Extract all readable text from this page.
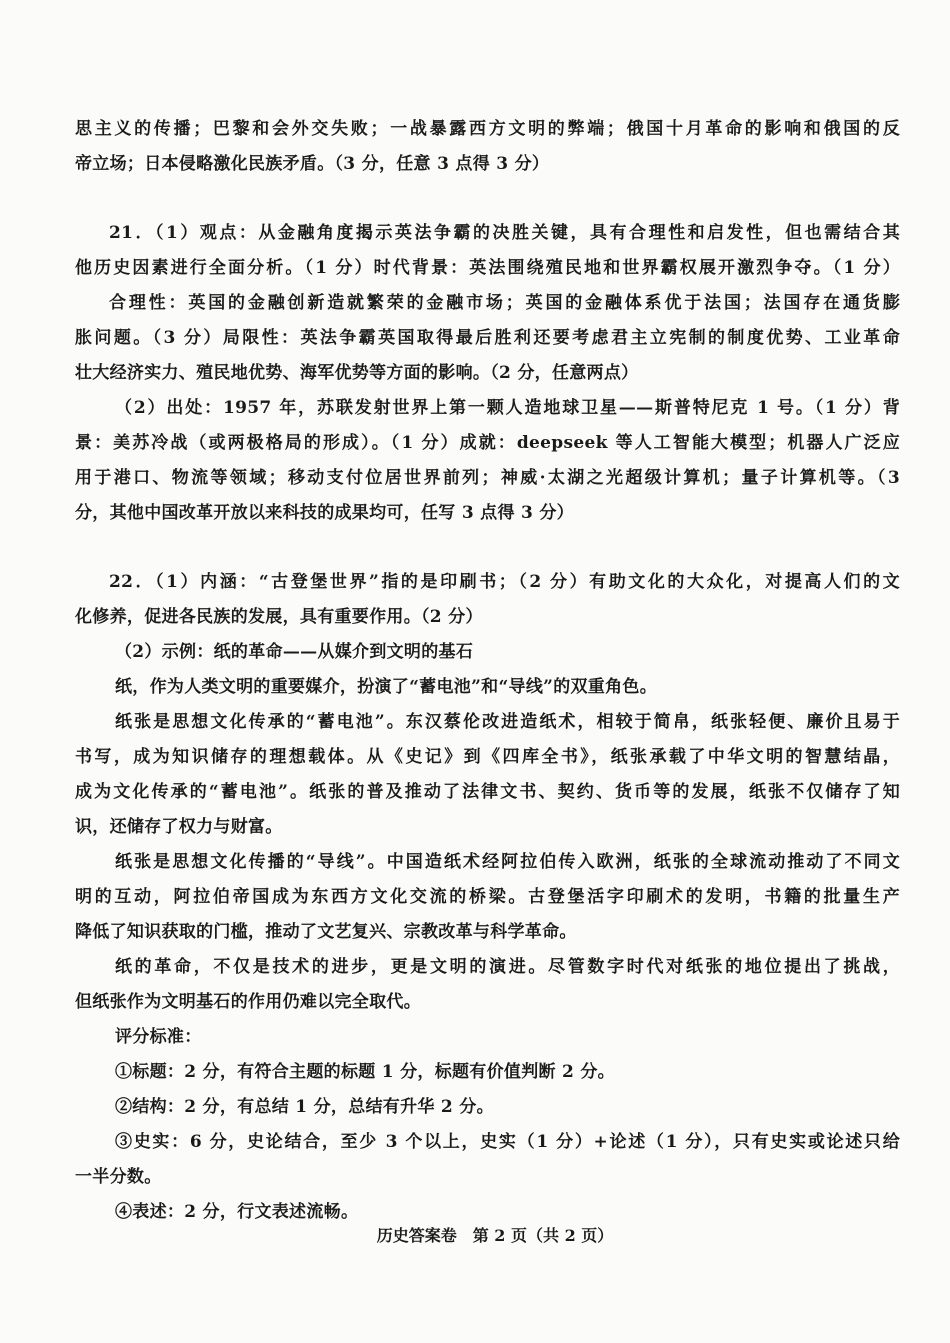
思主义的传播；巴黎和会外交失败；一战暴露西方文明的弊端；俄国十月革命的影响和俄国的反
帝立场；日本侵略激化民族矛盾。（3 分，任意 3 点得 3 分）
21．（1）观点：从金融角度揭示英法争霸的决胜关键，具有合理性和启发性，但也需结合其
他历史因素进行全面分析。（1 分）时代背景：英法围绕殖民地和世界霸权展开激烈争夺。（1 分）
合理性：英国的金融创新造就繁荣的金融市场；英国的金融体系优于法国；法国存在通货膨
胀问题。（3 分）局限性：英法争霸英国取得最后胜利还要考虑君主立宪制的制度优势、工业革命
壮大经济实力、殖民地优势、海军优势等方面的影响。（2 分，任意两点）
（2）出处：1957 年，苏联发射世界上第一颗人造地球卫星——斯普特尼克 1 号。（1 分）背
景：美苏冷战（或两极格局的形成）。（1 分）成就：deepseek 等人工智能大模型；机器人广泛应
用于港口、物流等领域；移动支付位居世界前列；神威·太湖之光超级计算机；量子计算机等。（3
分，其他中国改革开放以来科技的成果均可，任写 3 点得 3 分）
22．（1）内涵：“古登堡世界”指的是印刷书；（2 分）有助文化的大众化，对提高人们的文
化修养，促进各民族的发展，具有重要作用。（2 分）
（2）示例：纸的革命——从媒介到文明的基石
纸，作为人类文明的重要媒介，扮演了“蓄电池”和“导线”的双重角色。
纸张是思想文化传承的“蓄电池”。东汉蔡伦改进造纸术，相较于简帛，纸张轻便、廉价且易于
书写，成为知识储存的理想载体。从《史记》到《四库全书》，纸张承载了中华文明的智慧结晶，
成为文化传承的“蓄电池”。纸张的普及推动了法律文书、契约、货币等的发展，纸张不仅储存了知
识，还储存了权力与财富。
纸张是思想文化传播的“导线”。中国造纸术经阿拉伯传入欧洲，纸张的全球流动推动了不同文
明的互动，阿拉伯帝国成为东西方文化交流的桥梁。古登堡活字印刷术的发明，书籍的批量生产
降低了知识获取的门槛，推动了文艺复兴、宗教改革与科学革命。
纸的革命，不仅是技术的进步，更是文明的演进。尽管数字时代对纸张的地位提出了挑战，
但纸张作为文明基石的作用仍难以完全取代。
评分标准：
①标题：2 分，有符合主题的标题 1 分，标题有价值判断 2 分。
②结构：2 分，有总结 1 分，总结有升华 2 分。
③史实：6 分，史论结合，至少 3 个以上，史实（1 分）+论述（1 分），只有史实或论述只给
一半分数。
④表述：2 分，行文表述流畅。
历史答案卷　第 2 页（共 2 页）
